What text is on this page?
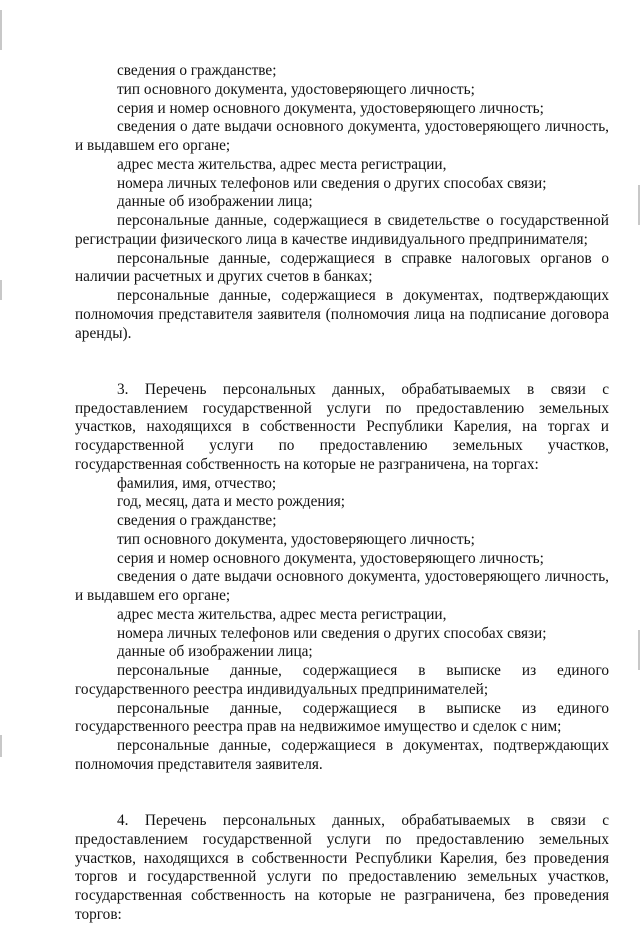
сведения о гражданстве;

тип основного документа, удостоверяющего личность;

серия и номер основного документа, удостоверяющего личность;

сведения о дате выдачи основного документа, удостоверяющего личность, и выдавшем его органе;

адрес места жительства, адрес места регистрации,

номера личных телефонов или сведения о других способах связи;

данные об изображении лица;

персональные данные, содержащиеся в свидетельстве о государственной регистрации физического лица в качестве индивидуального предпринимателя;

персональные данные, содержащиеся в справке налоговых органов о наличии расчетных и других счетов в банках;

персональные данные, содержащиеся в документах, подтверждающих полномочия представителя заявителя (полномочия лица на подписание договора аренды).

3. Перечень персональных данных, обрабатываемых в связи с предоставлением государственной услуги по предоставлению земельных участков, находящихся в собственности Республики Карелия, на торгах и государственной услуги по предоставлению земельных участков, государственная собственность на которые не разграничена, на торгах:

фамилия, имя, отчество;

год, месяц, дата и место рождения;

сведения о гражданстве;

тип основного документа, удостоверяющего личность;

серия и номер основного документа, удостоверяющего личность;

сведения о дате выдачи основного документа, удостоверяющего личность, и выдавшем его органе;

адрес места жительства, адрес места регистрации,

номера личных телефонов или сведения о других способах связи;

данные об изображении лица;

персональные данные, содержащиеся в выписке из единого государственного реестра индивидуальных предпринимателей;

персональные данные, содержащиеся в выписке из единого государственного реестра прав на недвижимое имущество и сделок с ним;

персональные данные, содержащиеся в документах, подтверждающих полномочия представителя заявителя.

4. Перечень персональных данных, обрабатываемых в связи с предоставлением государственной услуги по предоставлению земельных участков, находящихся в собственности Республики Карелия, без проведения торгов и государственной услуги по предоставлению земельных участков, государственная собственность на которые не разграничена, без проведения торгов:
